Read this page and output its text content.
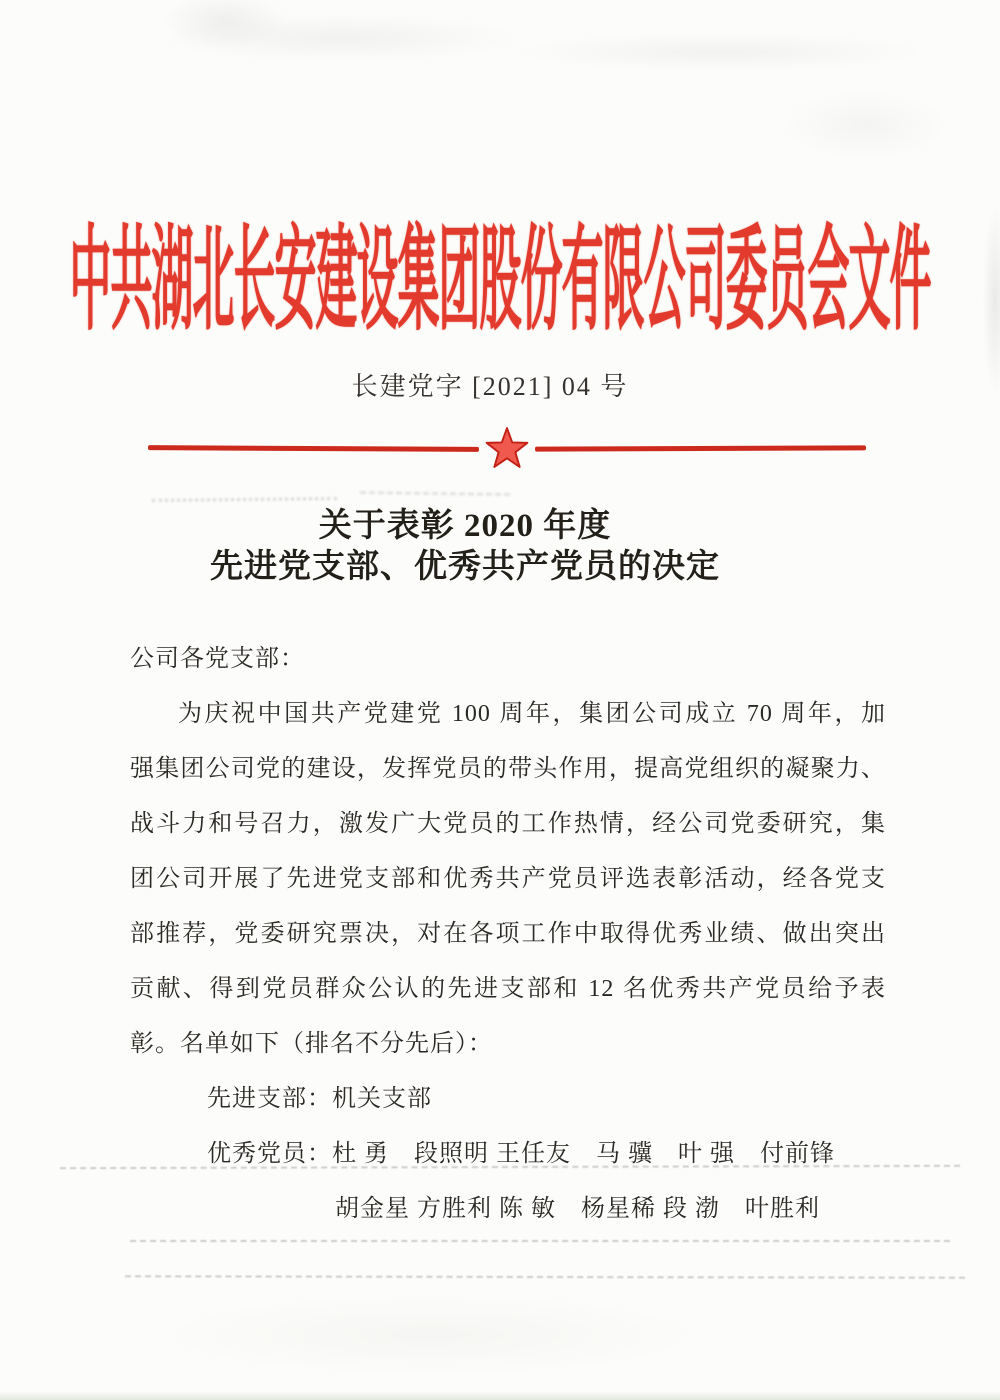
中共湖北长安建设集团股份有限公司委员会文件
长建党字 [2021] 04 号
关于表彰 2020 年度
先进党支部、优秀共产党员的决定
公司各党支部：
为庆祝中国共产党建党 100 周年，集团公司成立 70 周年，加
强集团公司党的建设，发挥党员的带头作用，提高党组织的凝聚力、
战斗力和号召力，激发广大党员的工作热情，经公司党委研究，集
团公司开展了先进党支部和优秀共产党员评选表彰活动，经各党支
部推荐，党委研究票决，对在各项工作中取得优秀业绩、做出突出
贡献、得到党员群众公认的先进支部和 12 名优秀共产党员给予表
彰。名单如下（排名不分先后）：
先进支部：机关支部
优秀党员：杜 勇　段照明 王任友　马 骥　叶 强　付前锋
胡金星 方胜利 陈 敏　杨星稀 段 渤　叶胜利
